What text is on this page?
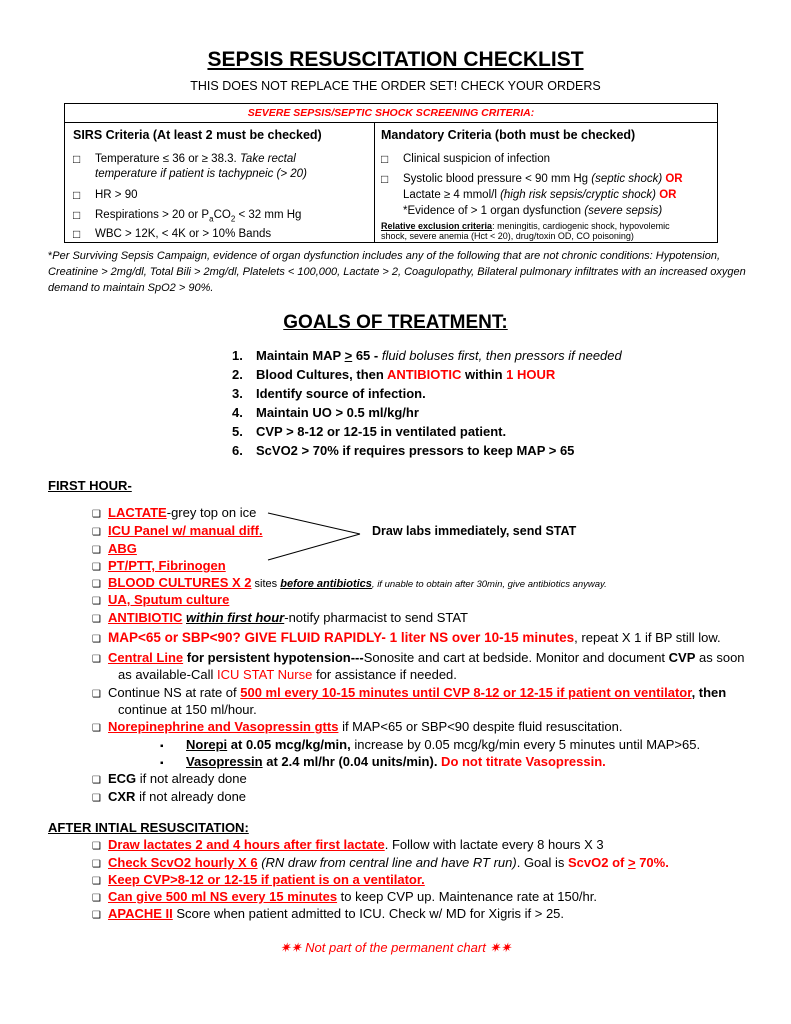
SEPSIS RESUSCITATION CHECKLIST
THIS DOES NOT REPLACE THE ORDER SET! CHECK YOUR ORDERS
SEVERE SEPSIS/SEPTIC SHOCK SCREENING CRITERIA:
SIRS Criteria (At least 2 must be checked)
□ Temperature ≤ 36 or ≥ 38.3. Take rectal
temperature if patient is tachypneic (> 20)
□ HR > 90
□ Respirations > 20 or $P_aCO_2 < 32$ mm Hg
□ WBC > 12K, < 4K or > 10% Bands
Mandatory Criteria (both must be checked)
□ Clinical suspicion of infection
□ Systolic blood pressure < 90 mm Hg (septic shock) OR
Lactate ≥ 4 mmol/l (high risk sepsis/cryptic shock) OR
*Evidence of > 1 organ dysfunction (severe sepsis)
Relative exclusion criteria: meningitis, cardiogenic shock, hypovolemic
shock, severe anemia (Hct < 20), drug/toxin OD, CO poisoning)
*Per Surviving Sepsis Campaign, evidence of organ dysfunction includes any of the following that are not chronic conditions: Hypotension, Creatinine > 2mg/dl, Total Bili > 2mg/dl, Platelets < 100,000, Lactate > 2, Coagulopathy, Bilateral pulmonary infiltrates with an increased oxygen demand to maintain SpO2 > 90%.
GOALS OF TREATMENT:
1. Maintain MAP > 65 - fluid boluses first, then pressors if needed
2. Blood Cultures, then ANTIBIOTIC within 1 HOUR
3. Identify source of infection.
4. Maintain UO > 0.5 ml/kg/hr
5. CVP > 8-12 or 12-15 in ventilated patient.
6. ScVO2 > 70% if requires pressors to keep MAP > 65
FIRST HOUR-
Draw labs immediately, send STAT
❑ LACTATE-grey top on ice
❑ ICU Panel w/ manual diff.
❑ ABG
❑ PT/PTT, Fibrinogen
❑ BLOOD CULTURES X 2 sites before antibiotics, if unable to obtain after 30min, give antibiotics anyway.
❑ UA, Sputum culture
❑ ANTIBIOTIC within first hour-notify pharmacist to send STAT
❑ MAP<65 or SBP<90? GIVE FLUID RAPIDLY- 1 liter NS over 10-15 minutes, repeat X 1 if BP still low.
❑ Central Line for persistent hypotension---Sonosite and cart at bedside. Monitor and document CVP as soon
as available-Call ICU STAT Nurse for assistance if needed.
❑ Continue NS at rate of 500 ml every 10-15 minutes until CVP 8-12 or 12-15 if patient on ventilator, then
continue at 150 ml/hour.
❑ Norepinephrine and Vasopressin gtts if MAP<65 or SBP<90 despite fluid resuscitation.
▪ Norepi at 0.05 mcg/kg/min, increase by 0.05 mcg/kg/min every 5 minutes until MAP>65.
▪ Vasopressin at 2.4 ml/hr (0.04 units/min). Do not titrate Vasopressin.
❑ ECG if not already done
❑ CXR if not already done
AFTER INTIAL RESUSCITATION:
❑ Draw lactates 2 and 4 hours after first lactate. Follow with lactate every 8 hours X 3
❑ Check ScvO2 hourly X 6 (RN draw from central line and have RT run). Goal is ScvO2 of > 70%.
❑ Keep CVP>8-12 or 12-15 if patient is on a ventilator.
❑ Can give 500 ml NS every 15 minutes to keep CVP up. Maintenance rate at 150/hr.
❑ APACHE II Score when patient admitted to ICU. Check w/ MD for Xigris if > 25.
✷✷ Not part of the permanent chart ✷✷
